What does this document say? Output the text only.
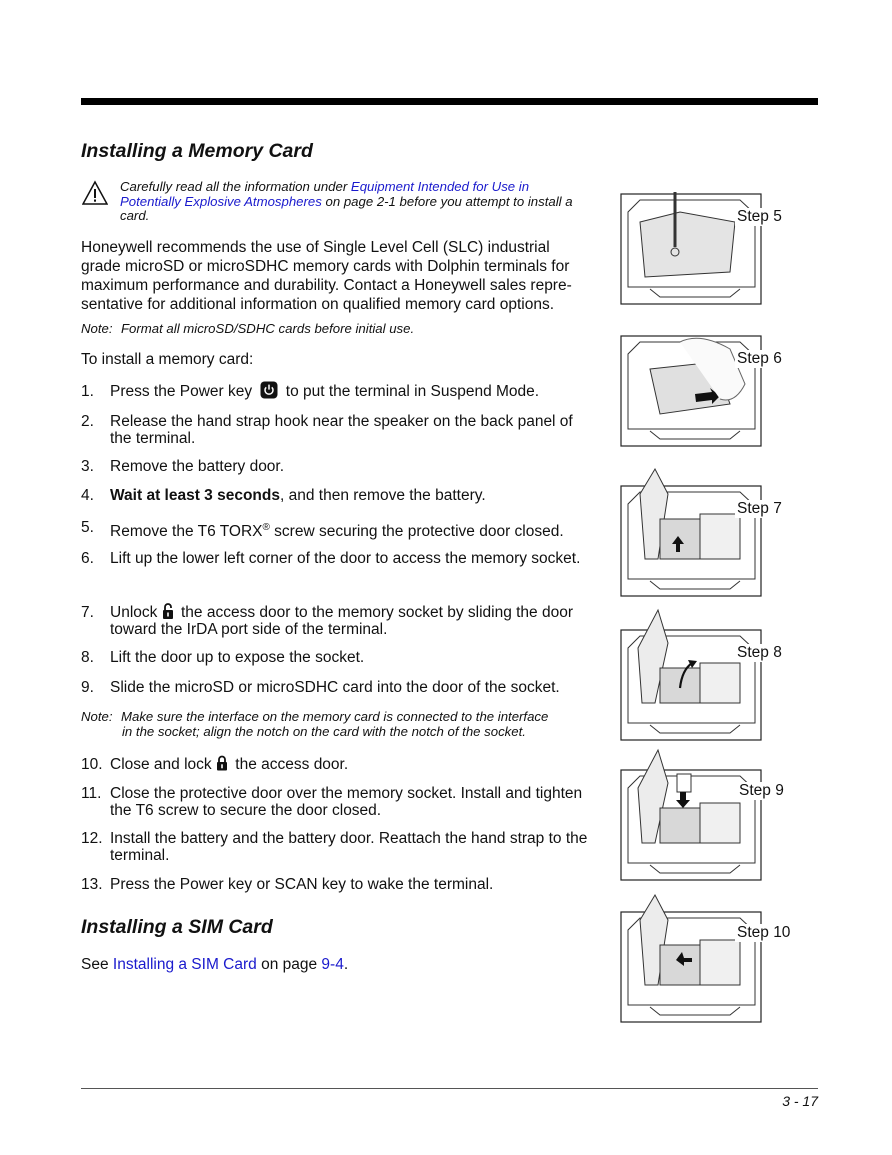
Installing a Memory Card

Carefully read all the information under Equipment Intended for Use in Potentially Explosive Atmospheres on page 2-1 before you attempt to install a card.

Honeywell recommends the use of Single Level Cell (SLC) industrial grade microSD or microSDHC memory cards with Dolphin terminals for maximum performance and durability. Contact a Honeywell sales repre-sentative for additional information on qualified memory card options.

Note: Format all microSD/SDHC cards before initial use.

To install a memory card:

1.	Press the Power key  to put the terminal in Suspend Mode.
2.	Release the hand strap hook near the speaker on the back panel of the terminal.
3.	Remove the battery door.
4.	Wait at least 3 seconds, and then remove the battery.
5.	Remove the T6 TORX® screw securing the protective door closed.
6.	Lift up the lower left corner of the door to access the memory socket.
7.	Unlock  the access door to the memory socket by sliding the door toward the IrDA port side of the terminal.
8.	Lift the door up to expose the socket.
9.	Slide the microSD or microSDHC card into the door of the socket.
Note: Make sure the interface on the memory card is connected to the interface
in the socket; align the notch on the card with the notch of the socket.
10. Close and lock  the access door.
11. Close the protective door over the memory socket. Install and tighten the T6 screw to secure the door closed.
12. Install the battery and the battery door. Reattach the hand strap to the terminal.
13. Press the Power key or SCAN key to wake the terminal.
Installing a SIM Card

See Installing a SIM Card on page 9-4.

Step 5
Step 6
Step 7
Step 8
Step 9
Step 10
3 - 17
